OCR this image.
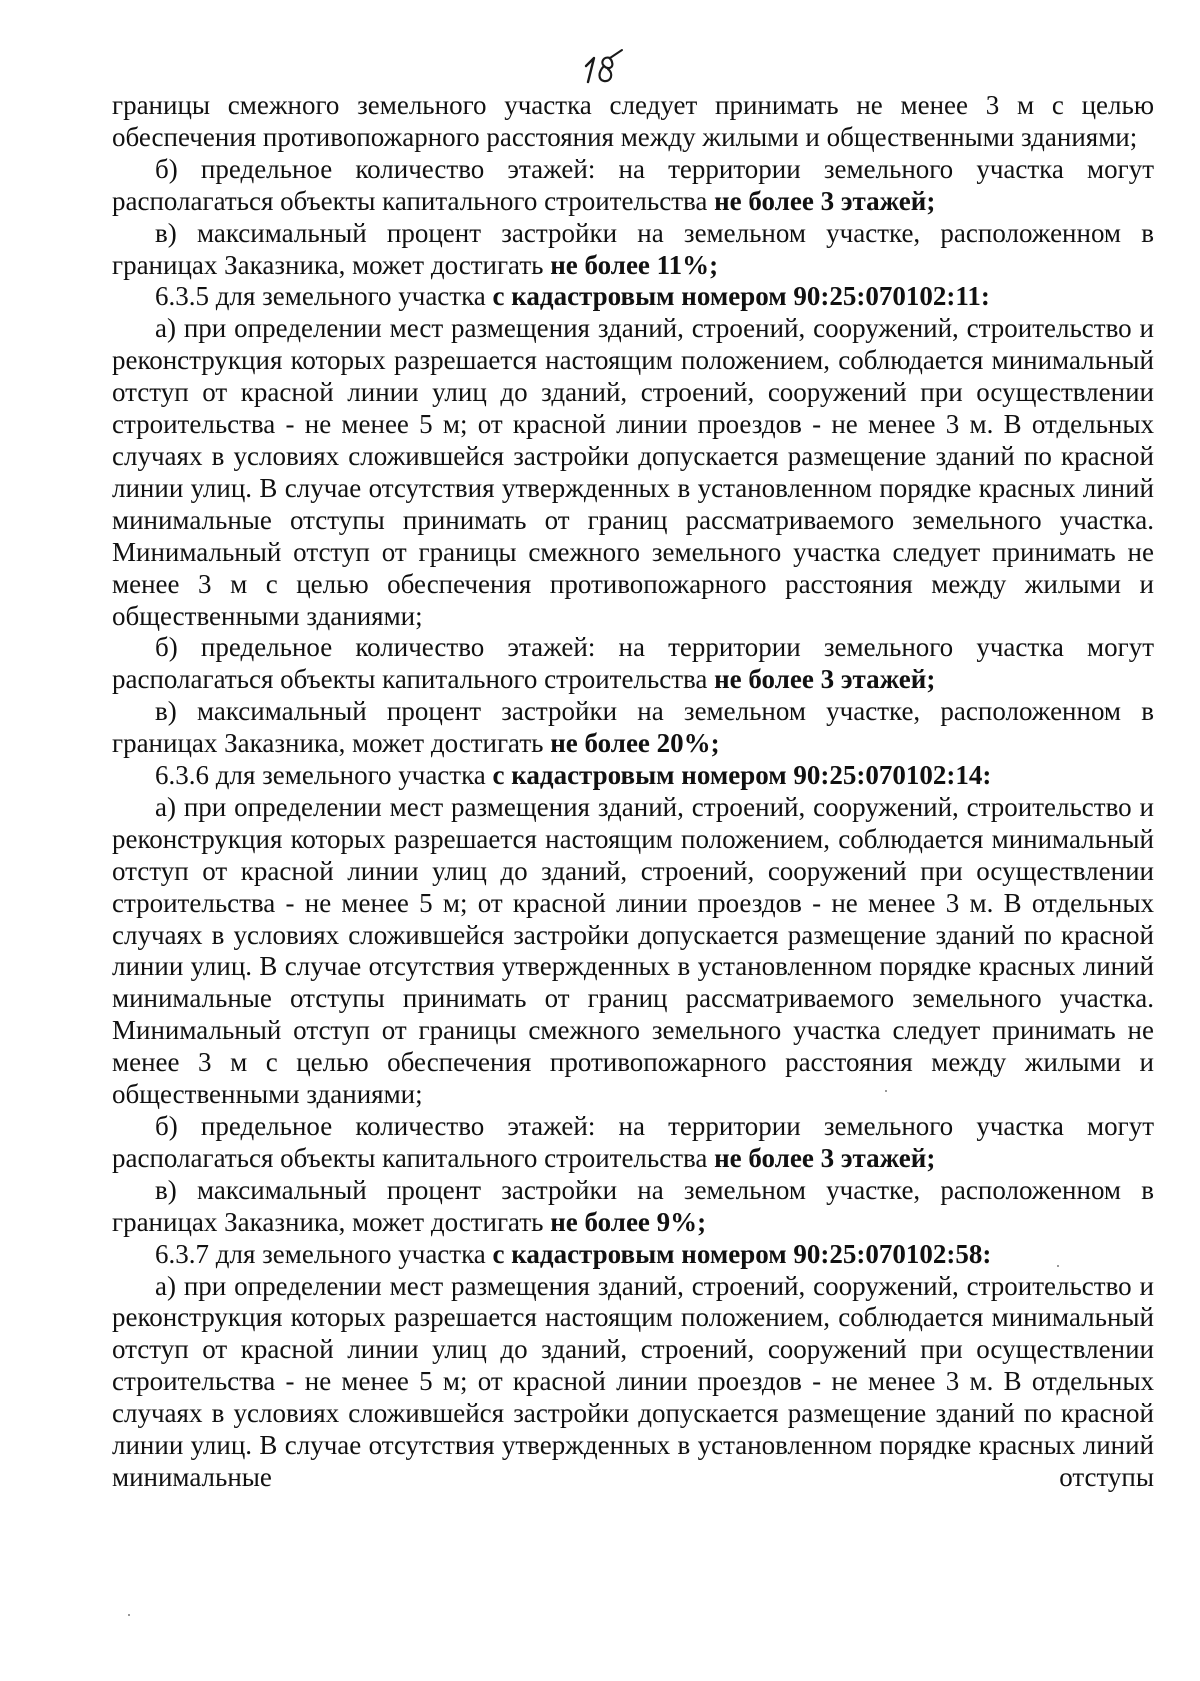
границы смежного земельного участка следует принимать не менее 3 м с целью обеспечения противопожарного расстояния между жилыми и общественными зданиями;

б) предельное количество этажей: на территории земельного участка могут располагаться объекты капитального строительства не более 3 этажей;

в) максимальный процент застройки на земельном участке, расположенном в границах Заказника, может достигать не более 11%;

6.3.5 для земельного участка с кадастровым номером 90:25:070102:11:

а) при определении мест размещения зданий, строений, сооружений, строительство и реконструкция которых разрешается настоящим положением, соблюдается минимальный отступ от красной линии улиц до зданий, строений, сооружений при осуществлении строительства - не менее 5 м; от красной линии проездов - не менее 3 м. В отдельных случаях в условиях сложившейся застройки допускается размещение зданий по красной линии улиц. В случае отсутствия утвержденных в установленном порядке красных линий минимальные отступы принимать от границ рассматриваемого земельного участка. Минимальный отступ от границы смежного земельного участка следует принимать не менее 3 м с целью обеспечения противопожарного расстояния между жилыми и общественными зданиями;

б) предельное количество этажей: на территории земельного участка могут располагаться объекты капитального строительства не более 3 этажей;

в) максимальный процент застройки на земельном участке, расположенном в границах Заказника, может достигать не более 20%;

6.3.6 для земельного участка с кадастровым номером 90:25:070102:14:

а) при определении мест размещения зданий, строений, сооружений, строительство и реконструкция которых разрешается настоящим положением, соблюдается минимальный отступ от красной линии улиц до зданий, строений, сооружений при осуществлении строительства - не менее 5 м; от красной линии проездов - не менее 3 м. В отдельных случаях в условиях сложившейся застройки допускается размещение зданий по красной линии улиц. В случае отсутствия утвержденных в установленном порядке красных линий минимальные отступы принимать от границ рассматриваемого земельного участка. Минимальный отступ от границы смежного земельного участка следует принимать не менее 3 м с целью обеспечения противопожарного расстояния между жилыми и общественными зданиями;

б) предельное количество этажей: на территории земельного участка могут располагаться объекты капитального строительства не более 3 этажей;

в) максимальный процент застройки на земельном участке, расположенном в границах Заказника, может достигать не более 9%;

6.3.7 для земельного участка с кадастровым номером 90:25:070102:58:

а) при определении мест размещения зданий, строений, сооружений, строительство и реконструкция которых разрешается настоящим положением, соблюдается минимальный отступ от красной линии улиц до зданий, строений, сооружений при осуществлении строительства - не менее 5 м; от красной линии проездов - не менее 3 м. В отдельных случаях в условиях сложившейся застройки допускается размещение зданий по красной линии улиц. В случае отсутствия утвержденных в установленном порядке красных линий минимальные отступы
